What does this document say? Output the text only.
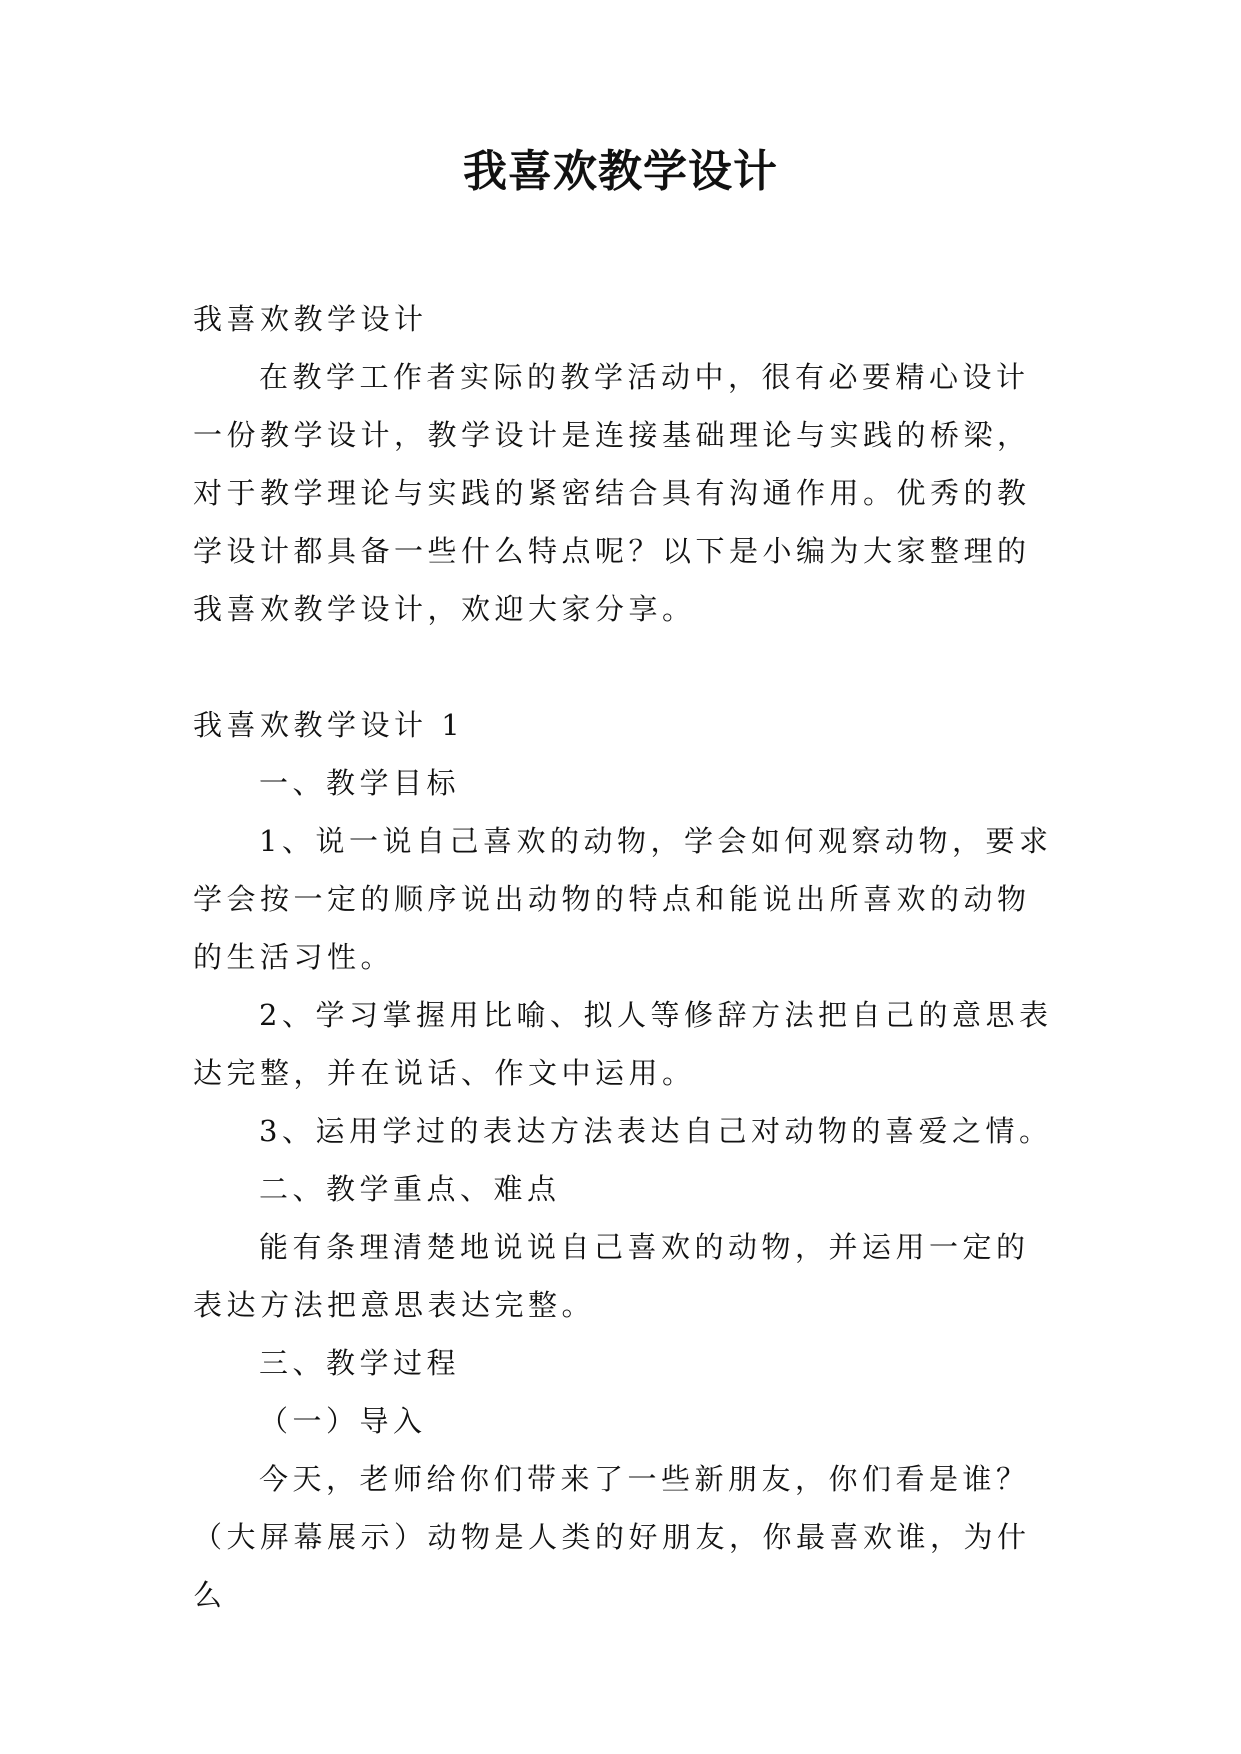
我喜欢教学设计

我喜欢教学设计

在教学工作者实际的教学活动中，很有必要精心设计一份教学设计，教学设计是连接基础理论与实践的桥梁，对于教学理论与实践的紧密结合具有沟通作用。优秀的教学设计都具备一些什么特点呢？以下是小编为大家整理的我喜欢教学设计，欢迎大家分享。

我喜欢教学设计 1

一、教学目标

1、说一说自己喜欢的动物，学会如何观察动物，要求学会按一定的顺序说出动物的特点和能说出所喜欢的动物的生活习性。

2、学习掌握用比喻、拟人等修辞方法把自己的意思表达完整，并在说话、作文中运用。

3、运用学过的表达方法表达自己对动物的喜爱之情。

二、教学重点、难点

能有条理清楚地说说自己喜欢的动物，并运用一定的表达方法把意思表达完整。

三、教学过程

（一）导入

今天，老师给你们带来了一些新朋友，你们看是谁？（大屏幕展示）动物是人类的好朋友，你最喜欢谁，为什么
